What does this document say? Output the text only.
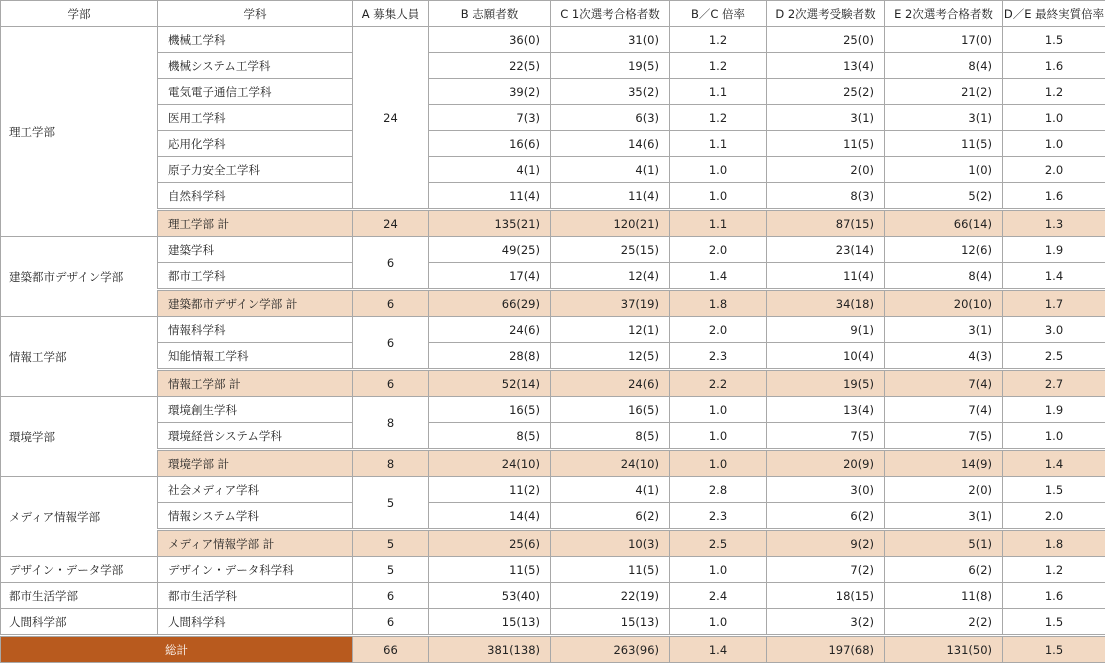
学部	学科	A 募集人員	B 志願者数	C 1次選考合格者数	B／C 倍率	D 2次選考受験者数	E 2次選考合格者数	D／E 最終実質倍率
理工学部	機械工学科	24	36(0)	31(0)	1.2	25(0)	17(0)	1.5
	機械システム工学科		22(5)	19(5)	1.2	13(4)	8(4)	1.6
	電気電子通信工学科		39(2)	35(2)	1.1	25(2)	21(2)	1.2
	医用工学科		7(3)	6(3)	1.2	3(1)	3(1)	1.0
	応用化学科		16(6)	14(6)	1.1	11(5)	11(5)	1.0
	原子力安全工学科		4(1)	4(1)	1.0	2(0)	1(0)	2.0
	自然科学科		11(4)	11(4)	1.0	8(3)	5(2)	1.6
	理工学部 計	24	135(21)	120(21)	1.1	87(15)	66(14)	1.3
建築都市デザイン学部	建築学科	6	49(25)	25(15)	2.0	23(14)	12(6)	1.9
	都市工学科		17(4)	12(4)	1.4	11(4)	8(4)	1.4
	建築都市デザイン学部 計	6	66(29)	37(19)	1.8	34(18)	20(10)	1.7
情報工学部	情報科学科	6	24(6)	12(1)	2.0	9(1)	3(1)	3.0
	知能情報工学科		28(8)	12(5)	2.3	10(4)	4(3)	2.5
	情報工学部 計	6	52(14)	24(6)	2.2	19(5)	7(4)	2.7
環境学部	環境創生学科	8	16(5)	16(5)	1.0	13(4)	7(4)	1.9
	環境経営システム学科		8(5)	8(5)	1.0	7(5)	7(5)	1.0
	環境学部 計	8	24(10)	24(10)	1.0	20(9)	14(9)	1.4
メディア情報学部	社会メディア学科	5	11(2)	4(1)	2.8	3(0)	2(0)	1.5
	情報システム学科		14(4)	6(2)	2.3	6(2)	3(1)	2.0
	メディア情報学部 計	5	25(6)	10(3)	2.5	9(2)	5(1)	1.8
デザイン・データ学部	デザイン・データ科学科	5	11(5)	11(5)	1.0	7(2)	6(2)	1.2
都市生活学部	都市生活学科	6	53(40)	22(19)	2.4	18(15)	11(8)	1.6
人間科学部	人間科学科	6	15(13)	15(13)	1.0	3(2)	2(2)	1.5
総計		66	381(138)	263(96)	1.4	197(68)	131(50)	1.5
